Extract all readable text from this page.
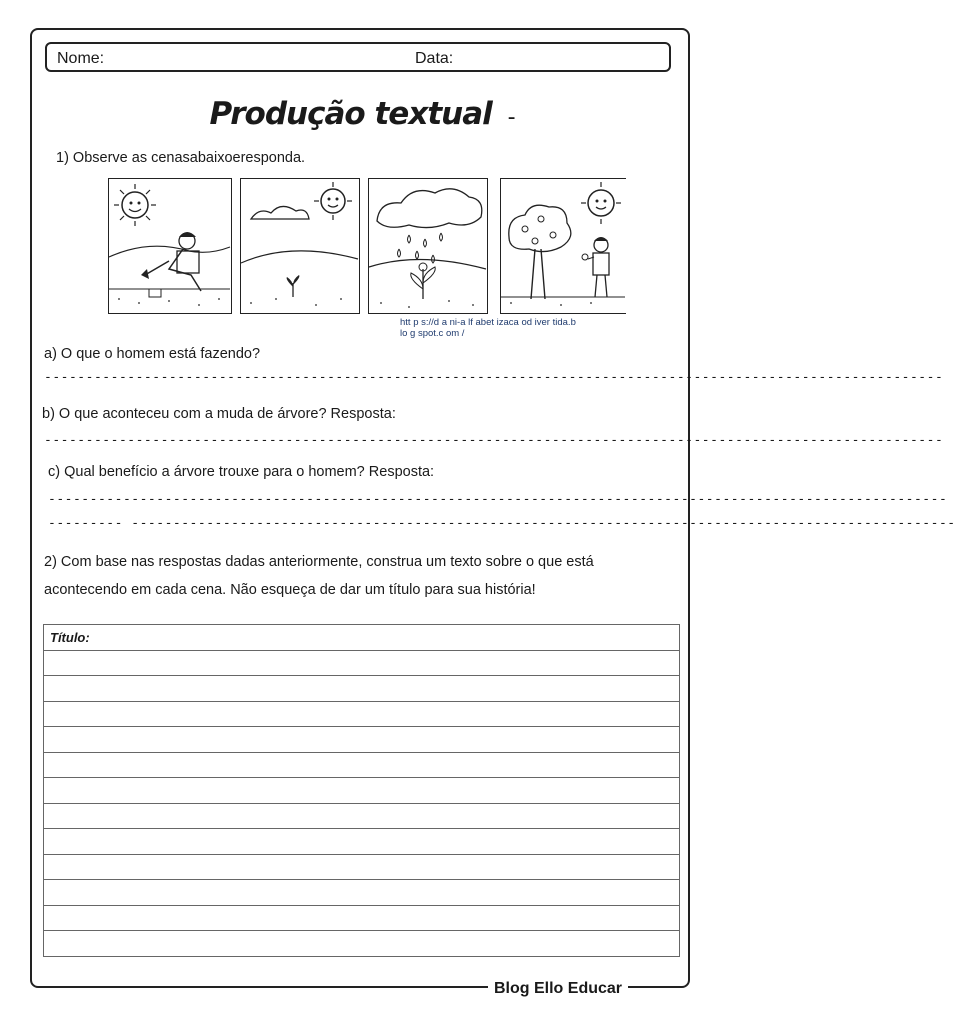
Nome:	Data:
Produção textual -
1) Observe as cenasabaixoeresponda.
htt p s://d a ni-a lf abet izaca od iver tida.b
lo g spot.c om /
a) O que o homem está fazendo?
------------------------------------------------------------------------------------------------------------
b) O que aconteceu com a muda de árvore? Resposta:
------------------------------------------------------------------------------------------------------------
c) Qual benefício a árvore trouxe para o homem? Resposta:
------------------------------------------------------------------------------------------------------------
--------- ---------------------------------------------------------------------------------------------------
2) Com base nas respostas dadas anteriormente, construa um texto sobre o que está
acontecendo em cada cena. Não esqueça de dar um título para sua história!
Título:

Blog Ello Educar
